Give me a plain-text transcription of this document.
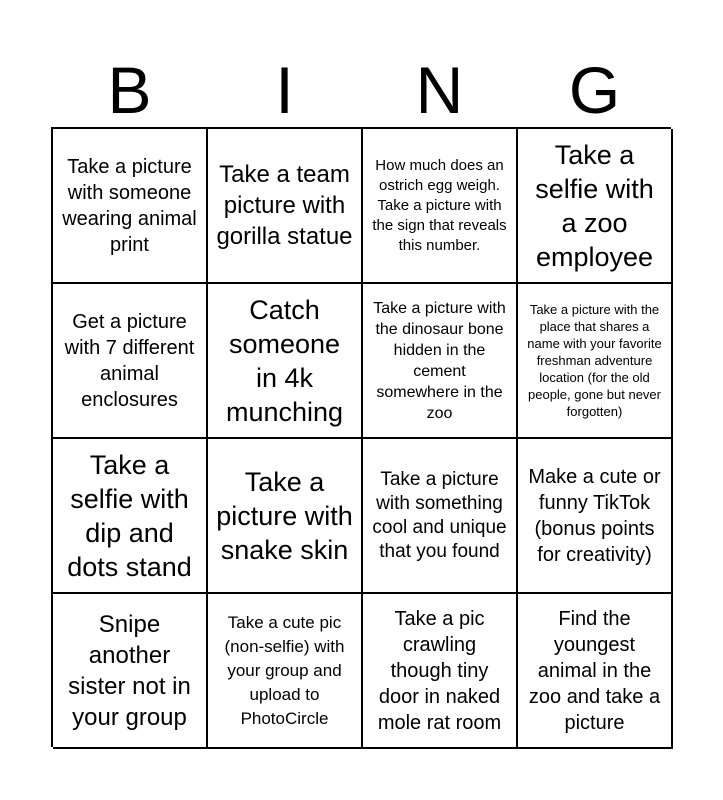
B	I	N	G
Take a picture with someone wearing animal print
Take a team picture with gorilla statue
How much does an ostrich egg weigh. Take a picture with the sign that reveals this number.
Take a selfie with a zoo employee
Get a picture with 7 different animal enclosures
Catch someone in 4k munching
Take a picture with the dinosaur bone hidden in the cement somewhere in the zoo
Take a picture with the place that shares a name with your favorite freshman adventure location (for the old people, gone but never forgotten)
Take a selfie with dip and dots stand
Take a picture with snake skin
Take a picture with something cool and unique that you found
Make a cute or funny TikTok (bonus points for creativity)
Snipe another sister not in your group
Take a cute pic (non-selfie) with your group and upload to PhotoCircle
Take a pic crawling though tiny door in naked mole rat room
Find the youngest animal in the zoo and take a picture
